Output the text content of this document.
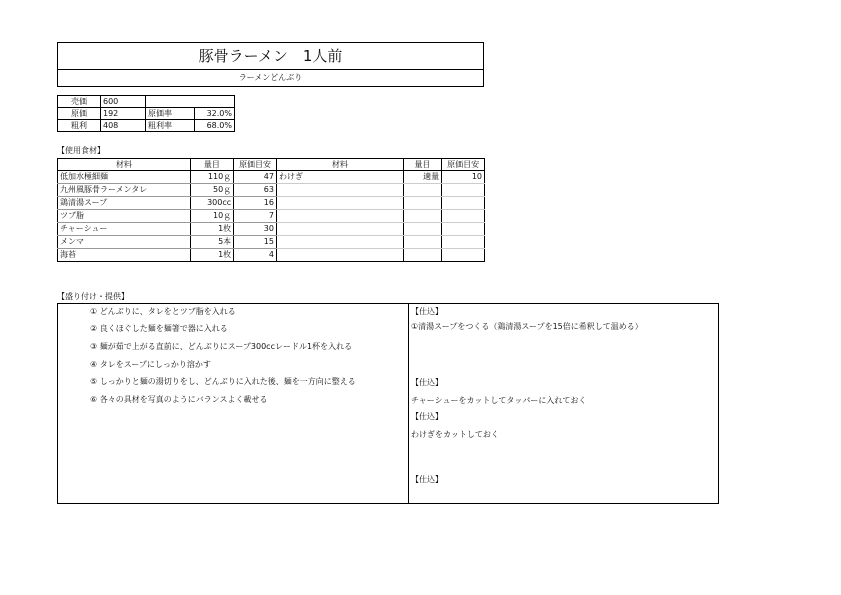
豚骨ラーメン　1人前
ラーメンどんぶり
売価	600		
原価	192	原価率	32.0%
粗利	408	粗利率	68.0%
【使用食材】
材料	量目	原価目安	材料	量目	原価目安
低加水極細麺	110ｇ	47	わけぎ	適量	10
九州風豚骨ラーメンタレ	50ｇ	63			
鶏清湯スープ	300cc	16			
ツブ脂	10ｇ	7			
チャーシュー	1枚	30			
メンマ	5本	15			
海苔	1枚	4			
【盛り付け・提供】
① どんぶりに、タレをとツブ脂を入れる
② 良くほぐした麺を麺箸で器に入れる
③ 麺が茹で上がる直前に、どんぶりにスープ300ccレードル1杯を入れる
④ タレをスープにしっかり溶かす
⑤ しっかりと麺の湯切りをし、どんぶりに入れた後、麺を一方向に整える
⑥ 各々の具材を写真のようにバランスよく載せる
【仕込】
①清湯スープをつくる（鶏清湯スープを15倍に希釈して温める）
【仕込】
チャーシューをカットしてタッパーに入れておく
【仕込】
わけぎをカットしておく
【仕込】
